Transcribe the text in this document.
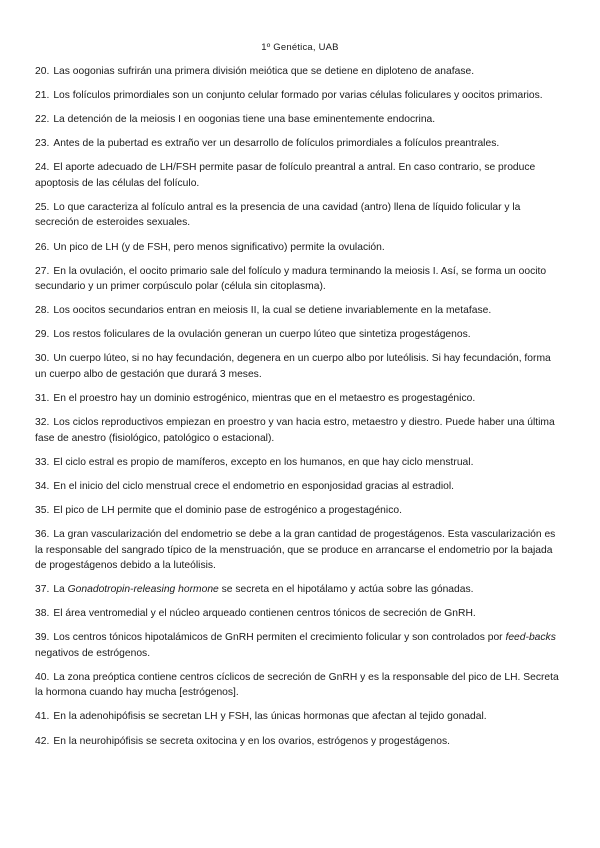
1º Genética, UAB
20. Las oogonias sufrirán una primera división meiótica que se detiene en diploteno de anafase.
21. Los folículos primordiales son un conjunto celular formado por varias células foliculares y oocitos primarios.
22. La detención de la meiosis I en oogonias tiene una base eminentemente endocrina.
23. Antes de la pubertad es extraño ver un desarrollo de folículos primordiales a folículos preantrales.
24. El aporte adecuado de LH/FSH permite pasar de folículo preantral a antral. En caso contrario, se produce apoptosis de las células del folículo.
25. Lo que caracteriza al folículo antral es la presencia de una cavidad (antro) llena de líquido folicular y la secreción de esteroides sexuales.
26. Un pico de LH (y de FSH, pero menos significativo) permite la ovulación.
27. En la ovulación, el oocito primario sale del folículo y madura terminando la meiosis I. Así, se forma un oocito secundario y un primer corpúsculo polar (célula sin citoplasma).
28. Los oocitos secundarios entran en meiosis II, la cual se detiene invariablemente en la metafase.
29. Los restos foliculares de la ovulación generan un cuerpo lúteo que sintetiza progestágenos.
30. Un cuerpo lúteo, si no hay fecundación, degenera en un cuerpo albo por luteólisis. Si hay fecundación, forma un cuerpo albo de gestación que durará 3 meses.
31. En el proestro hay un dominio estrogénico, mientras que en el metaestro es progestagénico.
32. Los ciclos reproductivos empiezan en proestro y van hacia estro, metaestro y diestro. Puede haber una última fase de anestro (fisiológico, patológico o estacional).
33. El ciclo estral es propio de mamíferos, excepto en los humanos, en que hay ciclo menstrual.
34. En el inicio del ciclo menstrual crece el endometrio en esponjosidad gracias al estradiol.
35. El pico de LH permite que el dominio pase de estrogénico a progestagénico.
36. La gran vascularización del endometrio se debe a la gran cantidad de progestágenos. Esta vascularización es la responsable del sangrado típico de la menstruación, que se produce en arrancarse el endometrio por la bajada de progestágenos debido a la luteólisis.
37. La Gonadotropin-releasing hormone se secreta en el hipotálamo y actúa sobre las gónadas.
38. El área ventromedial y el núcleo arqueado contienen centros tónicos de secreción de GnRH.
39. Los centros tónicos hipotalámicos de GnRH permiten el crecimiento folicular y son controlados por feed-backs negativos de estrógenos.
40. La zona preóptica contiene centros cíclicos de secreción de GnRH y es la responsable del pico de LH. Secreta la hormona cuando hay mucha [estrógenos].
41. En la adenohipófisis se secretan LH y FSH, las únicas hormonas que afectan al tejido gonadal.
42. En la neurohipófisis se secreta oxitocina y en los ovarios, estrógenos y progestágenos.
